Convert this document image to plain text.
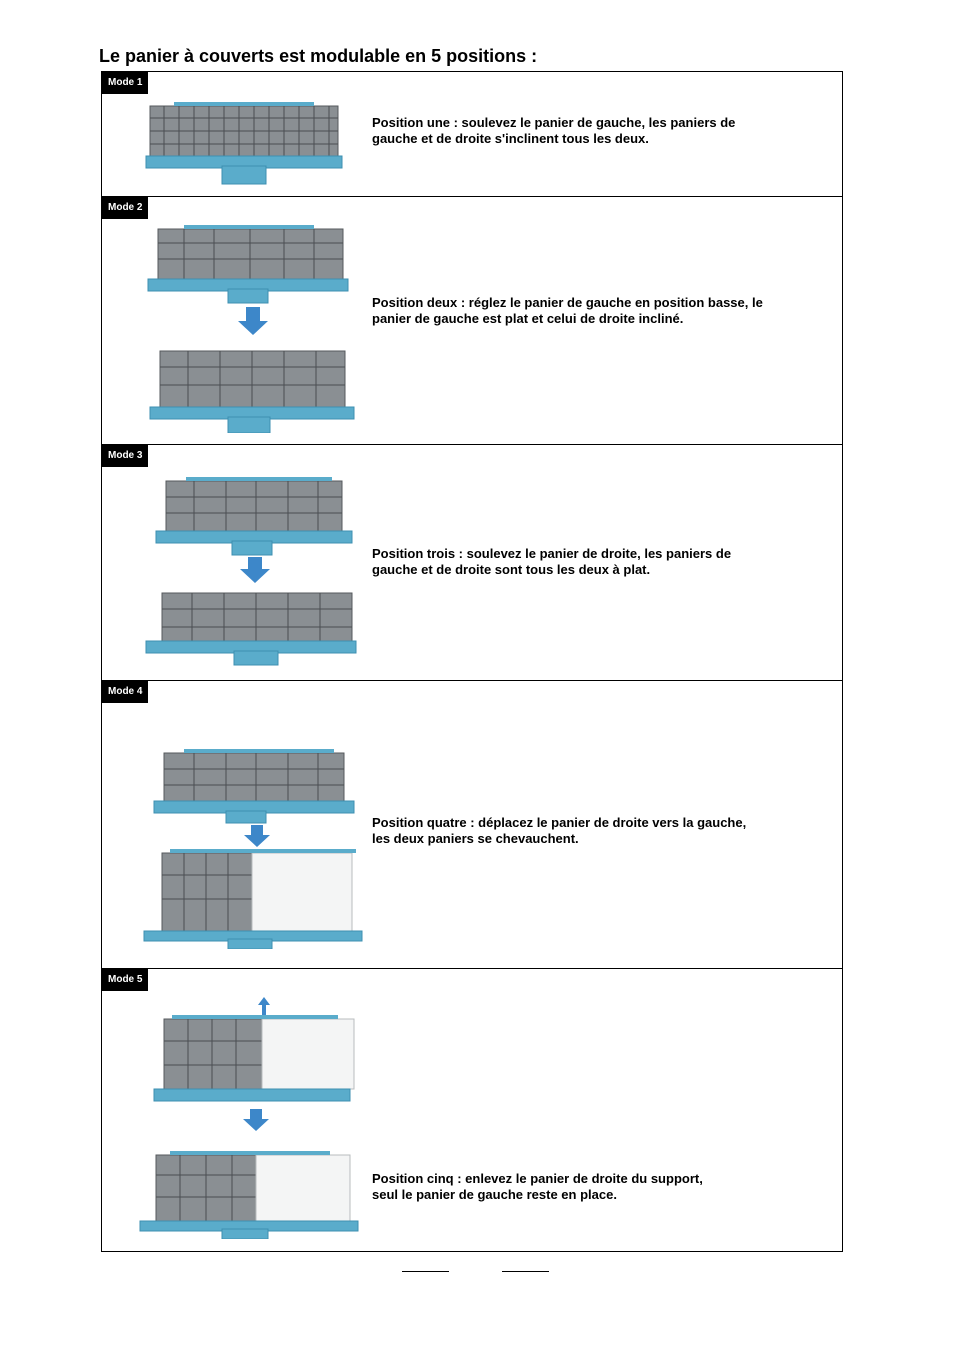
Le panier à couverts est modulable en 5 positions :
Mode 1
Position une : soulevez le panier de gauche, les paniers de
gauche et de droite s'inclinent tous les deux.
Mode 2
Position deux : réglez le panier de gauche en position basse, le
panier de gauche est plat et celui de droite incliné.
Mode 3
Position trois : soulevez le panier de droite, les paniers de
gauche et de droite sont tous les deux à plat.
Mode 4
Position quatre : déplacez le panier de droite vers la gauche,
les deux paniers se chevauchent.
Mode 5
Position cinq : enlevez le panier de droite du support,
seul le panier de gauche reste en place.
